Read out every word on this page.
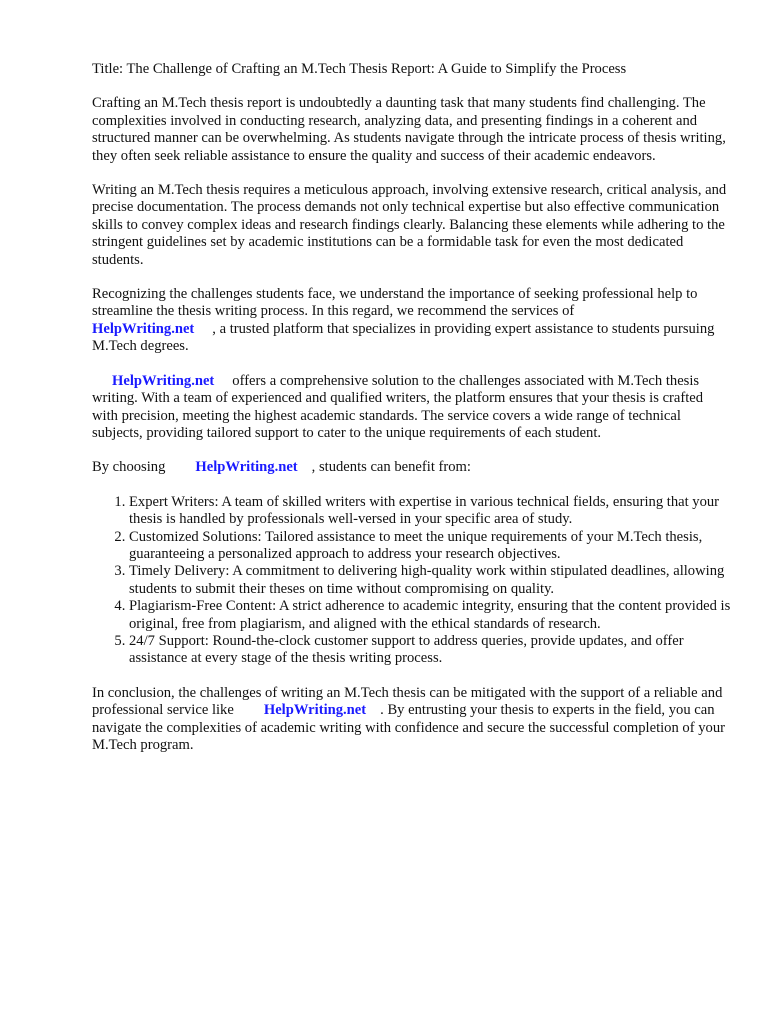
Title: The Challenge of Crafting an M.Tech Thesis Report: A Guide to Simplify the Process

Crafting an M.Tech thesis report is undoubtedly a daunting task that many students find challenging. The complexities involved in conducting research, analyzing data, and presenting findings in a coherent and structured manner can be overwhelming. As students navigate through the intricate process of thesis writing, they often seek reliable assistance to ensure the quality and success of their academic endeavors.

Writing an M.Tech thesis requires a meticulous approach, involving extensive research, critical analysis, and precise documentation. The process demands not only technical expertise but also effective communication skills to convey complex ideas and research findings clearly. Balancing these elements while adhering to the stringent guidelines set by academic institutions can be a formidable task for even the most dedicated students.

Recognizing the challenges students face, we understand the importance of seeking professional help to streamline the thesis writing process. In this regard, we recommend the services of
HelpWriting.net , a trusted platform that specializes in providing expert assistance to students pursuing M.Tech degrees.

HelpWriting.net offers a comprehensive solution to the challenges associated with M.Tech thesis writing. With a team of experienced and qualified writers, the platform ensures that your thesis is crafted with precision, meeting the highest academic standards. The service covers a wide range of technical subjects, providing tailored support to cater to the unique requirements of each student.

By choosing HelpWriting.net , students can benefit from:

1. Expert Writers: A team of skilled writers with expertise in various technical fields, ensuring that your thesis is handled by professionals well-versed in your specific area of study.
2. Customized Solutions: Tailored assistance to meet the unique requirements of your M.Tech thesis, guaranteeing a personalized approach to address your research objectives.
3. Timely Delivery: A commitment to delivering high-quality work within stipulated deadlines, allowing students to submit their theses on time without compromising on quality.
4. Plagiarism-Free Content: A strict adherence to academic integrity, ensuring that the content provided is original, free from plagiarism, and aligned with the ethical standards of research.
5. 24/7 Support: Round-the-clock customer support to address queries, provide updates, and offer assistance at every stage of the thesis writing process.

In conclusion, the challenges of writing an M.Tech thesis can be mitigated with the support of a reliable and professional service like HelpWriting.net . By entrusting your thesis to experts in the field, you can navigate the complexities of academic writing with confidence and secure the successful completion of your M.Tech program.
